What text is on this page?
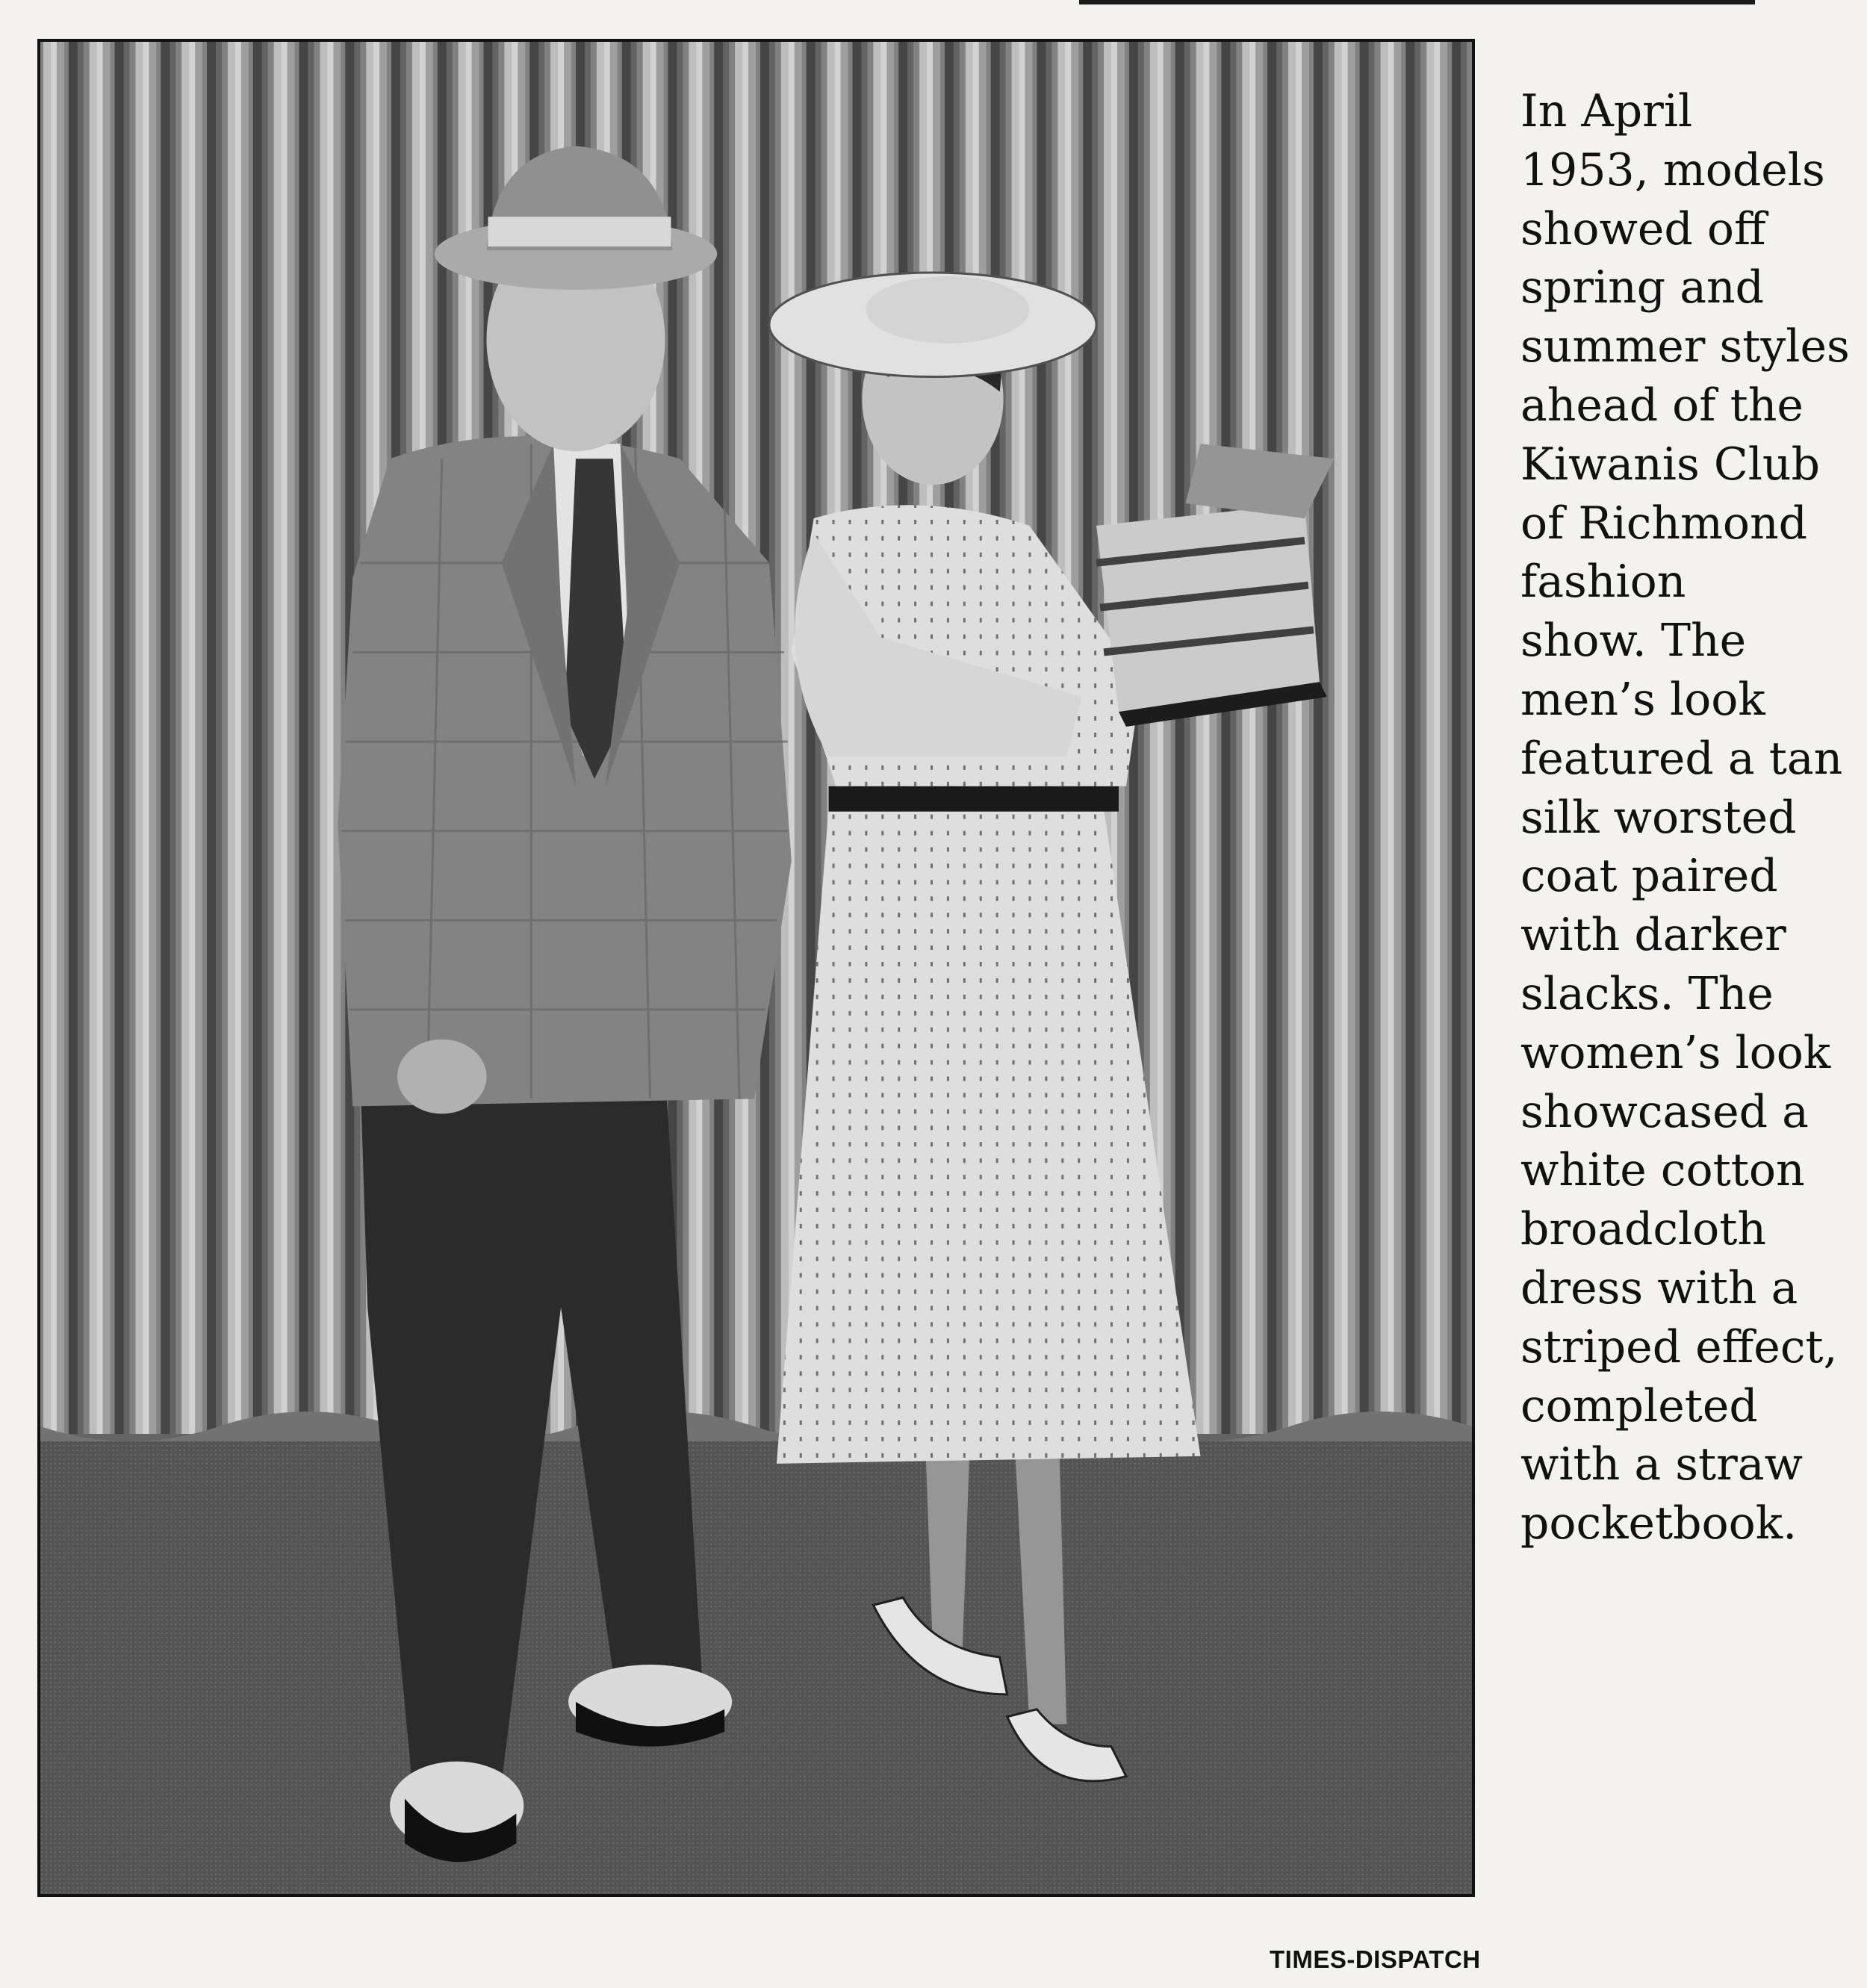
TIMES-DISPATCH
In April
1953, models
showed off
spring and
summer styles
ahead of the
Kiwanis Club
of Richmond
fashion
show. The
men’s look
featured a tan
silk worsted
coat paired
with darker
slacks. The
women’s look
showcased a
white cotton
broadcloth
dress with a
striped effect,
completed
with a straw
pocketbook.
